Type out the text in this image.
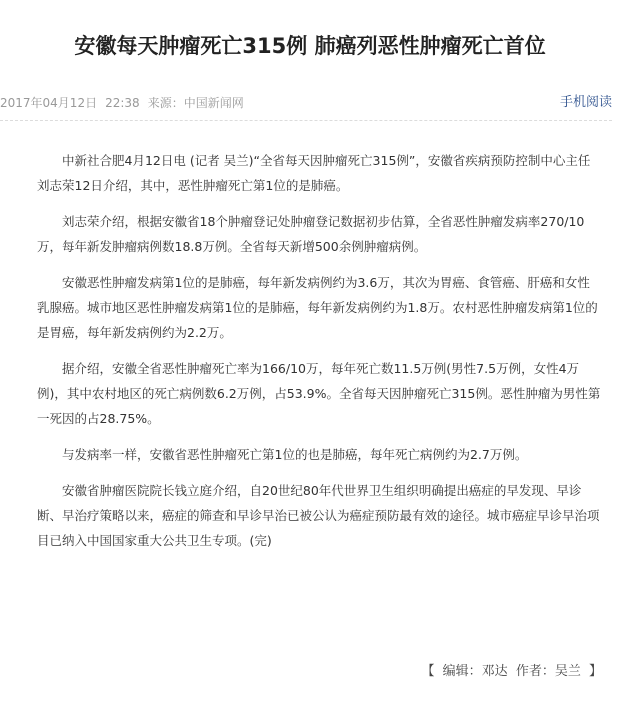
安徽每天肿瘤死亡315例 肺癌列恶性肿瘤死亡首位
2017年04月12日 22:38 来源：中国新闻网	手机阅读

中新社合肥4月12日电 (记者 吴兰)“全省每天因肿瘤死亡315例”，安徽省疾病预防控制中心主任刘志荣12日介绍，其中，恶性肿瘤死亡第1位的是肺癌。

刘志荣介绍，根据安徽省18个肿瘤登记处肿瘤登记数据初步估算，全省恶性肿瘤发病率270/10万，每年新发肿瘤病例数18.8万例。全省每天新增500余例肿瘤病例。

安徽恶性肿瘤发病第1位的是肺癌，每年新发病例约为3.6万，其次为胃癌、食管癌、肝癌和女性乳腺癌。城市地区恶性肿瘤发病第1位的是肺癌，每年新发病例约为1.8万。农村恶性肿瘤发病第1位的是胃癌，每年新发病例约为2.2万。

据介绍，安徽全省恶性肿瘤死亡率为166/10万，每年死亡数11.5万例(男性7.5万例，女性4万例)，其中农村地区的死亡病例数6.2万例，占53.9%。全省每天因肿瘤死亡315例。恶性肿瘤为男性第一死因的占28.75%。

与发病率一样，安徽省恶性肿瘤死亡第1位的也是肺癌，每年死亡病例约为2.7万例。

安徽省肿瘤医院院长钱立庭介绍，自20世纪80年代世界卫生组织明确提出癌症的早发现、早诊断、早治疗策略以来，癌症的筛查和早诊早治已被公认为癌症预防最有效的途径。城市癌症早诊早治项目已纳入中国国家重大公共卫生专项。(完)

【 编辑：邓达 作者：吴兰 】
